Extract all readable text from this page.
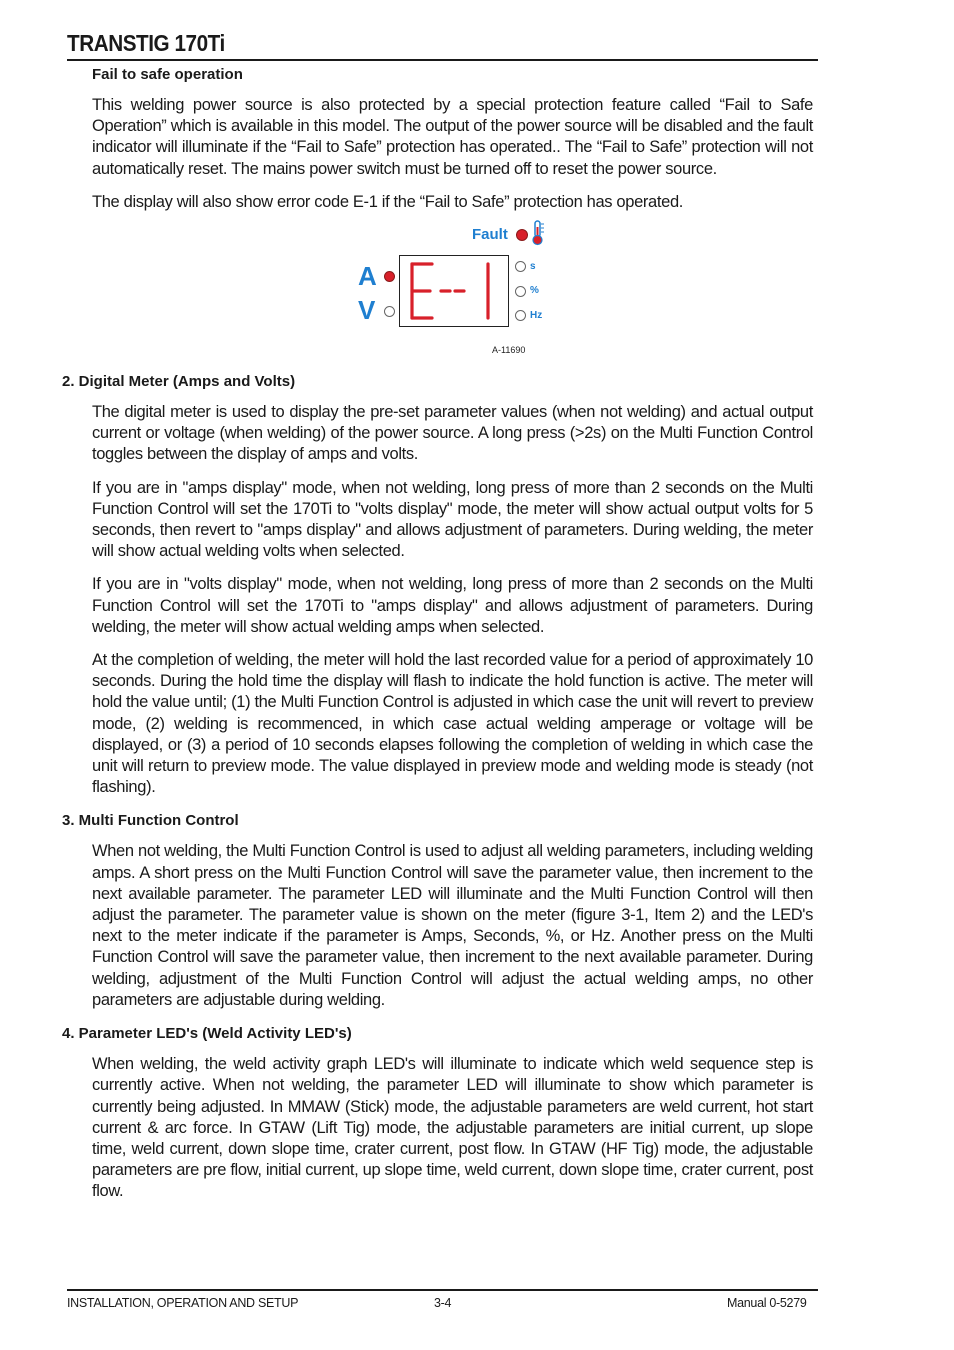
TRANSTIG 170Ti

Fail to safe operation

This welding power source is also protected by a special protection feature called “Fail to Safe Operation” which is available in this model. The output of the power source will be disabled and the fault indicator will illuminate if the “Fail to Safe” protection has operated.. The “Fail to Safe” protection will not automatically reset. The mains power switch must be turned off to reset the power source.

The display will also show error code E-1 if the “Fail to Safe” protection has operated.

Fault
A
V
s
%
Hz
A-11690

2. Digital Meter (Amps and Volts)

The digital meter is used to display the pre-set parameter values (when not welding) and actual output current or voltage (when welding) of the power source. A long press (>2s) on the Multi Function Control toggles between the display of amps and volts.

If you are in "amps display" mode, when not welding, long press of more than 2 seconds on the Multi Function Control will set the 170Ti to "volts display" mode, the meter will show actual output volts for 5 seconds, then revert to "amps display" and allows adjustment of parameters. During welding, the meter will show actual welding volts when selected.

If you are in "volts display" mode, when not welding, long press of more than 2 seconds on the Multi Function Control will set the 170Ti to "amps display" and allows adjustment of parameters. During welding, the meter will show actual welding amps when selected.

At the completion of welding, the meter will hold the last recorded value for a period of approximately 10 seconds. During the hold time the display will flash to indicate the hold function is active. The meter will hold the value until; (1) the Multi Function Control is adjusted in which case the unit will revert to preview mode, (2) welding is recommenced, in which case actual welding amperage or voltage will be displayed, or (3) a period of 10 seconds elapses following the completion of welding in which case the unit will return to preview mode. The value displayed in preview mode and welding mode is steady (not flashing).

3. Multi Function Control

When not welding, the Multi Function Control is used to adjust all welding parameters, including welding amps. A short press on the Multi Function Control will save the parameter value, then increment to the next available parameter. The parameter LED will illuminate and the Multi Function Control will then adjust the parameter. The parameter value is shown on the meter (figure 3-1, Item 2) and the LED's next to the meter indicate if the parameter is Amps, Seconds, %, or Hz. Another press on the Multi Function Control will save the parameter value, then increment to the next available parameter. During welding, adjustment of the Multi Function Control will adjust the actual welding amps, no other parameters are adjustable during welding.

4. Parameter LED's (Weld Activity LED's)

When welding, the weld activity graph LED's will illuminate to indicate which weld sequence step is currently active. When not welding, the parameter LED will illuminate to show which parameter is currently being adjusted. In MMAW (Stick) mode, the adjustable parameters are weld current, hot start current & arc force. In GTAW (Lift Tig) mode, the adjustable parameters are initial current, up slope time, weld current, down slope time, crater current, post flow. In GTAW (HF Tig) mode, the adjustable parameters are pre flow, initial current, up slope time, weld current, down slope time, crater current, post flow.

INSTALLATION, OPERATION AND SETUP	3-4	Manual 0-5279
